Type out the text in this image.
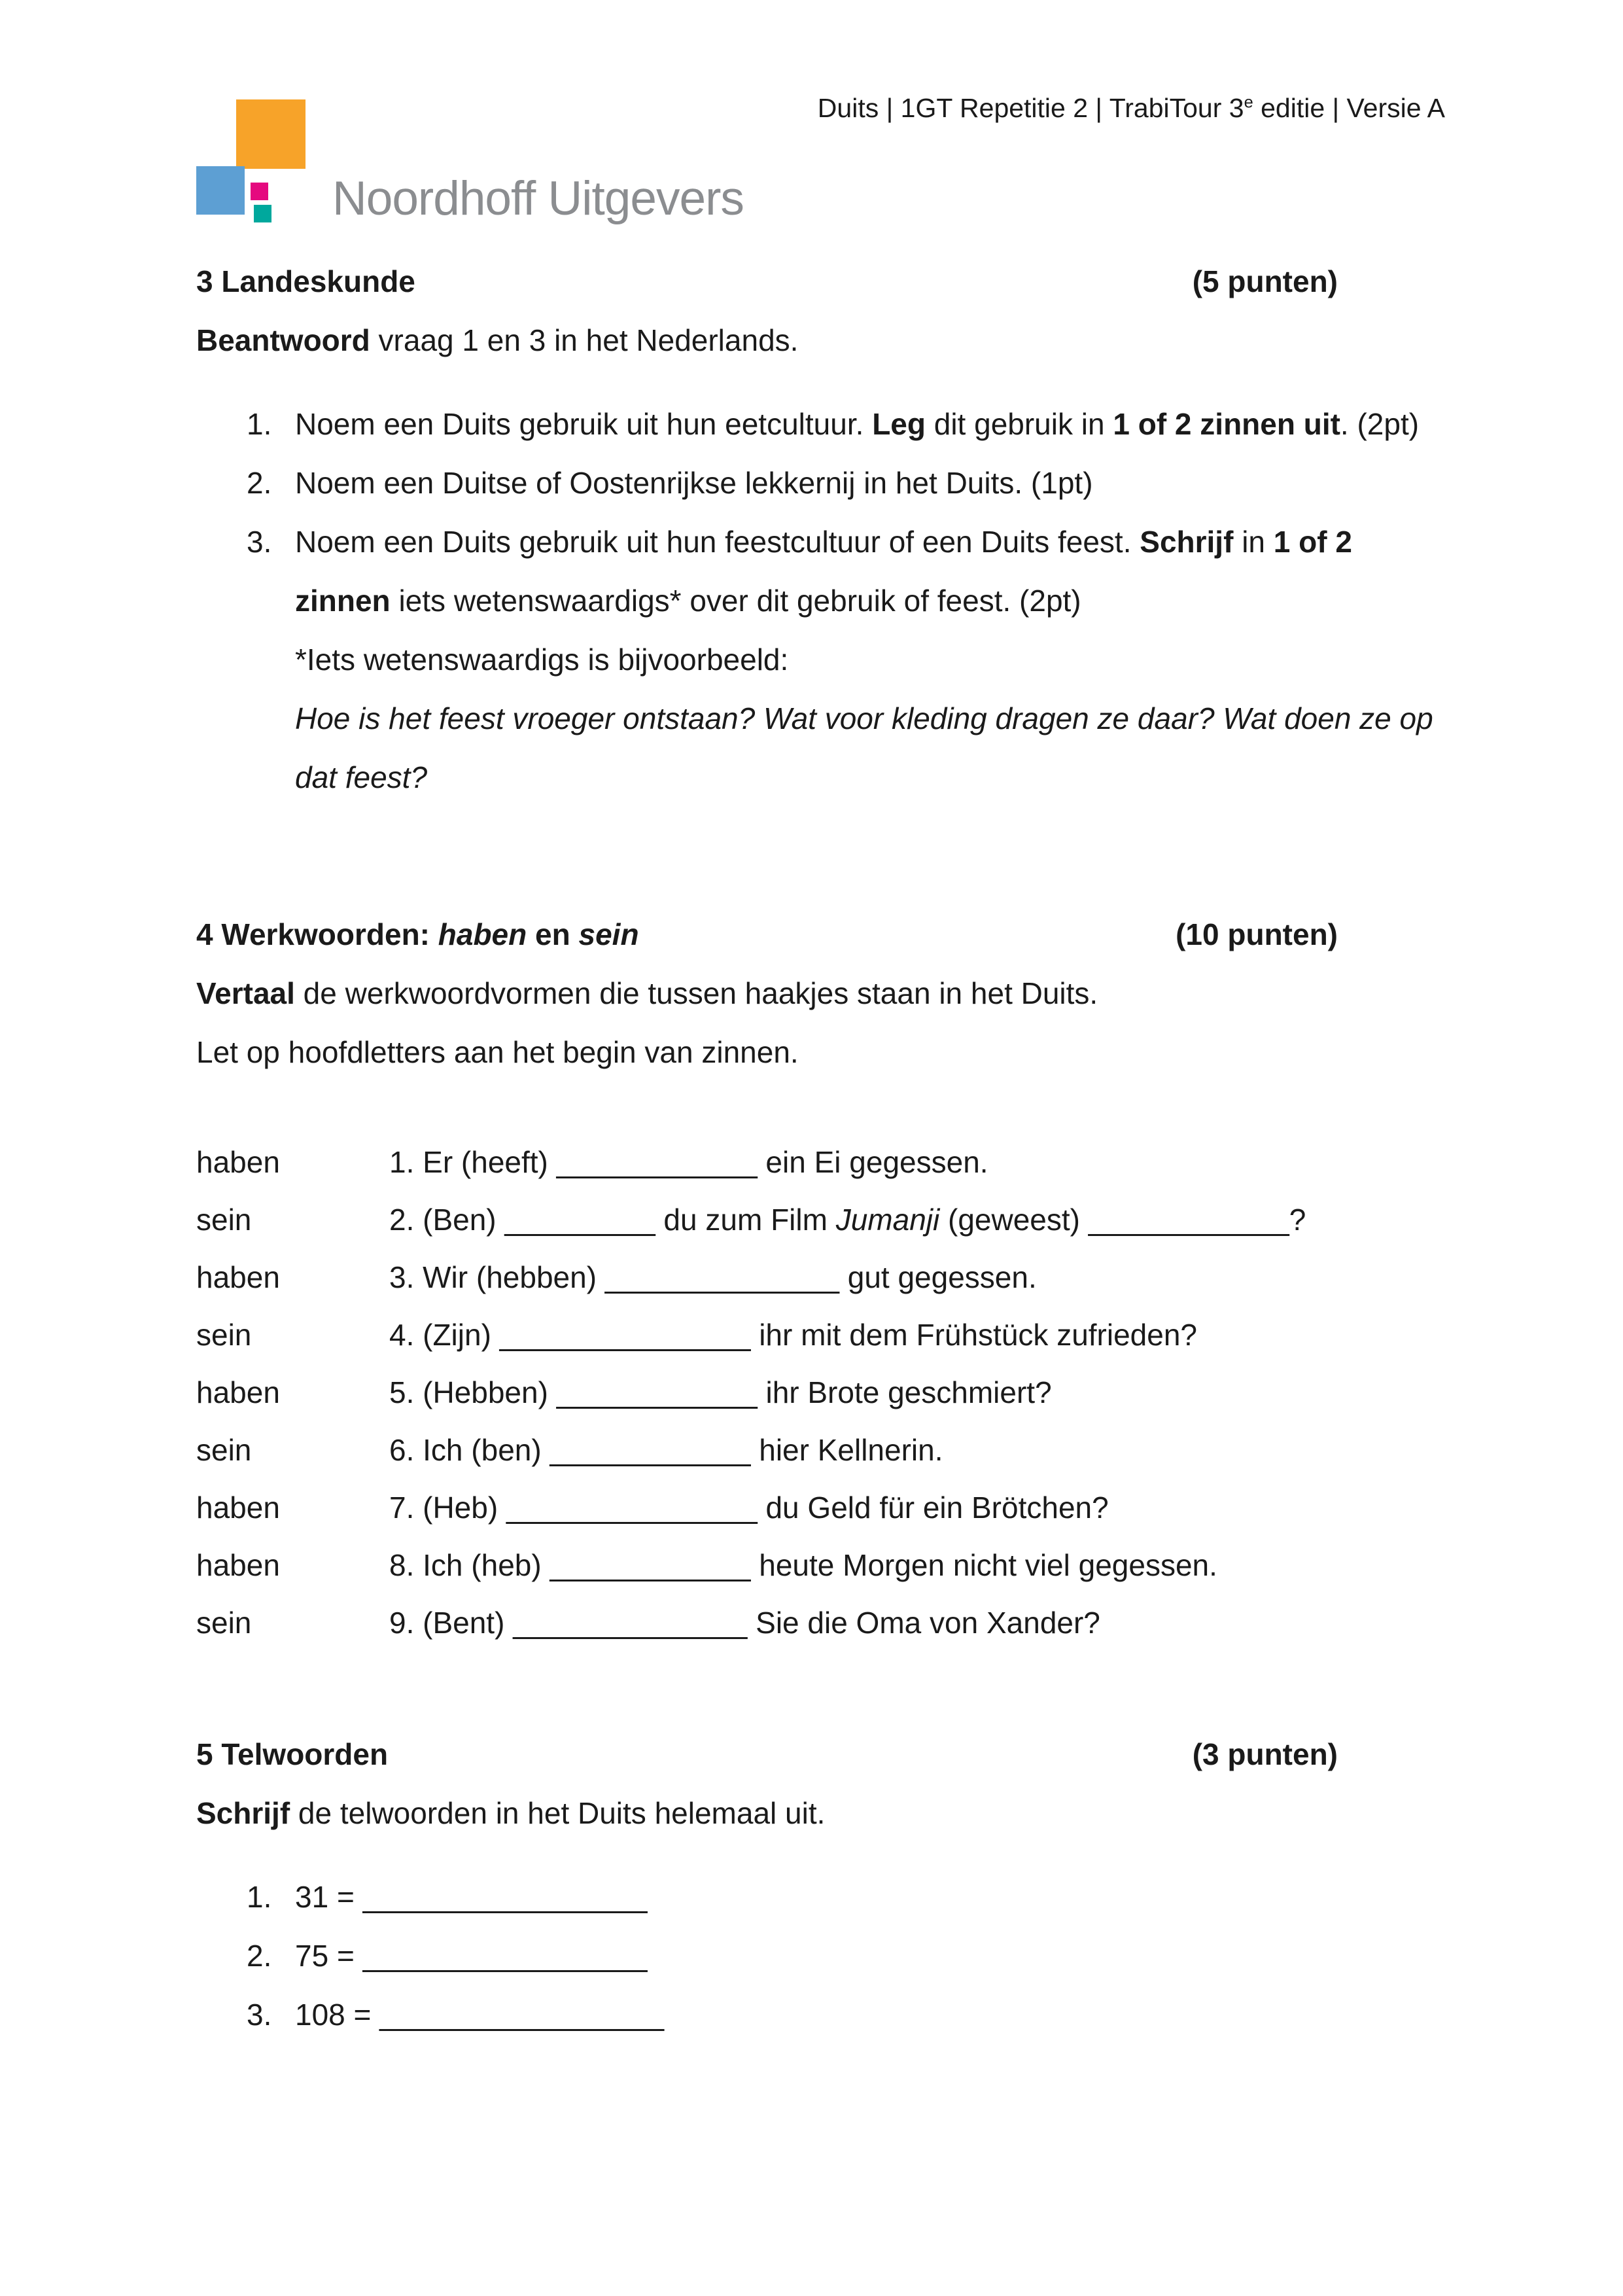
Duits | 1GT Repetitie 2 | TrabiTour 3e editie | Versie A
Noordhoff Uitgevers
3 Landeskunde	(5 punten)
Beantwoord vraag 1 en 3 in het Nederlands.
1. Noem een Duits gebruik uit hun eetcultuur. Leg dit gebruik in 1 of 2 zinnen uit. (2pt)
2. Noem een Duitse of Oostenrijkse lekkernij in het Duits. (1pt)
3. Noem een Duits gebruik uit hun feestcultuur of een Duits feest. Schrijf in 1 of 2 zinnen iets wetenswaardigs* over dit gebruik of feest. (2pt)
*Iets wetenswaardigs is bijvoorbeeld:
Hoe is het feest vroeger ontstaan? Wat voor kleding dragen ze daar? Wat doen ze op dat feest?
4 Werkwoorden: haben en sein	(10 punten)
Vertaal de werkwoordvormen die tussen haakjes staan in het Duits.
Let op hoofdletters aan het begin van zinnen.
haben	1. Er (heeft) ____________ ein Ei gegessen.
sein	2. (Ben) _________ du zum Film Jumanji (geweest) ____________?
haben	3. Wir (hebben) ______________ gut gegessen.
sein	4. (Zijn) _______________ ihr mit dem Frühstück zufrieden?
haben	5. (Hebben) ____________ ihr Brote geschmiert?
sein	6. Ich (ben) ____________ hier Kellnerin.
haben	7. (Heb) _______________ du Geld für ein Brötchen?
haben	8. Ich (heb) ____________ heute Morgen nicht viel gegessen.
sein	9. (Bent) ______________ Sie die Oma von Xander?
5 Telwoorden	(3 punten)
Schrijf de telwoorden in het Duits helemaal uit.
1. 31 = _________________
2. 75 = _________________
3. 108 = _________________
